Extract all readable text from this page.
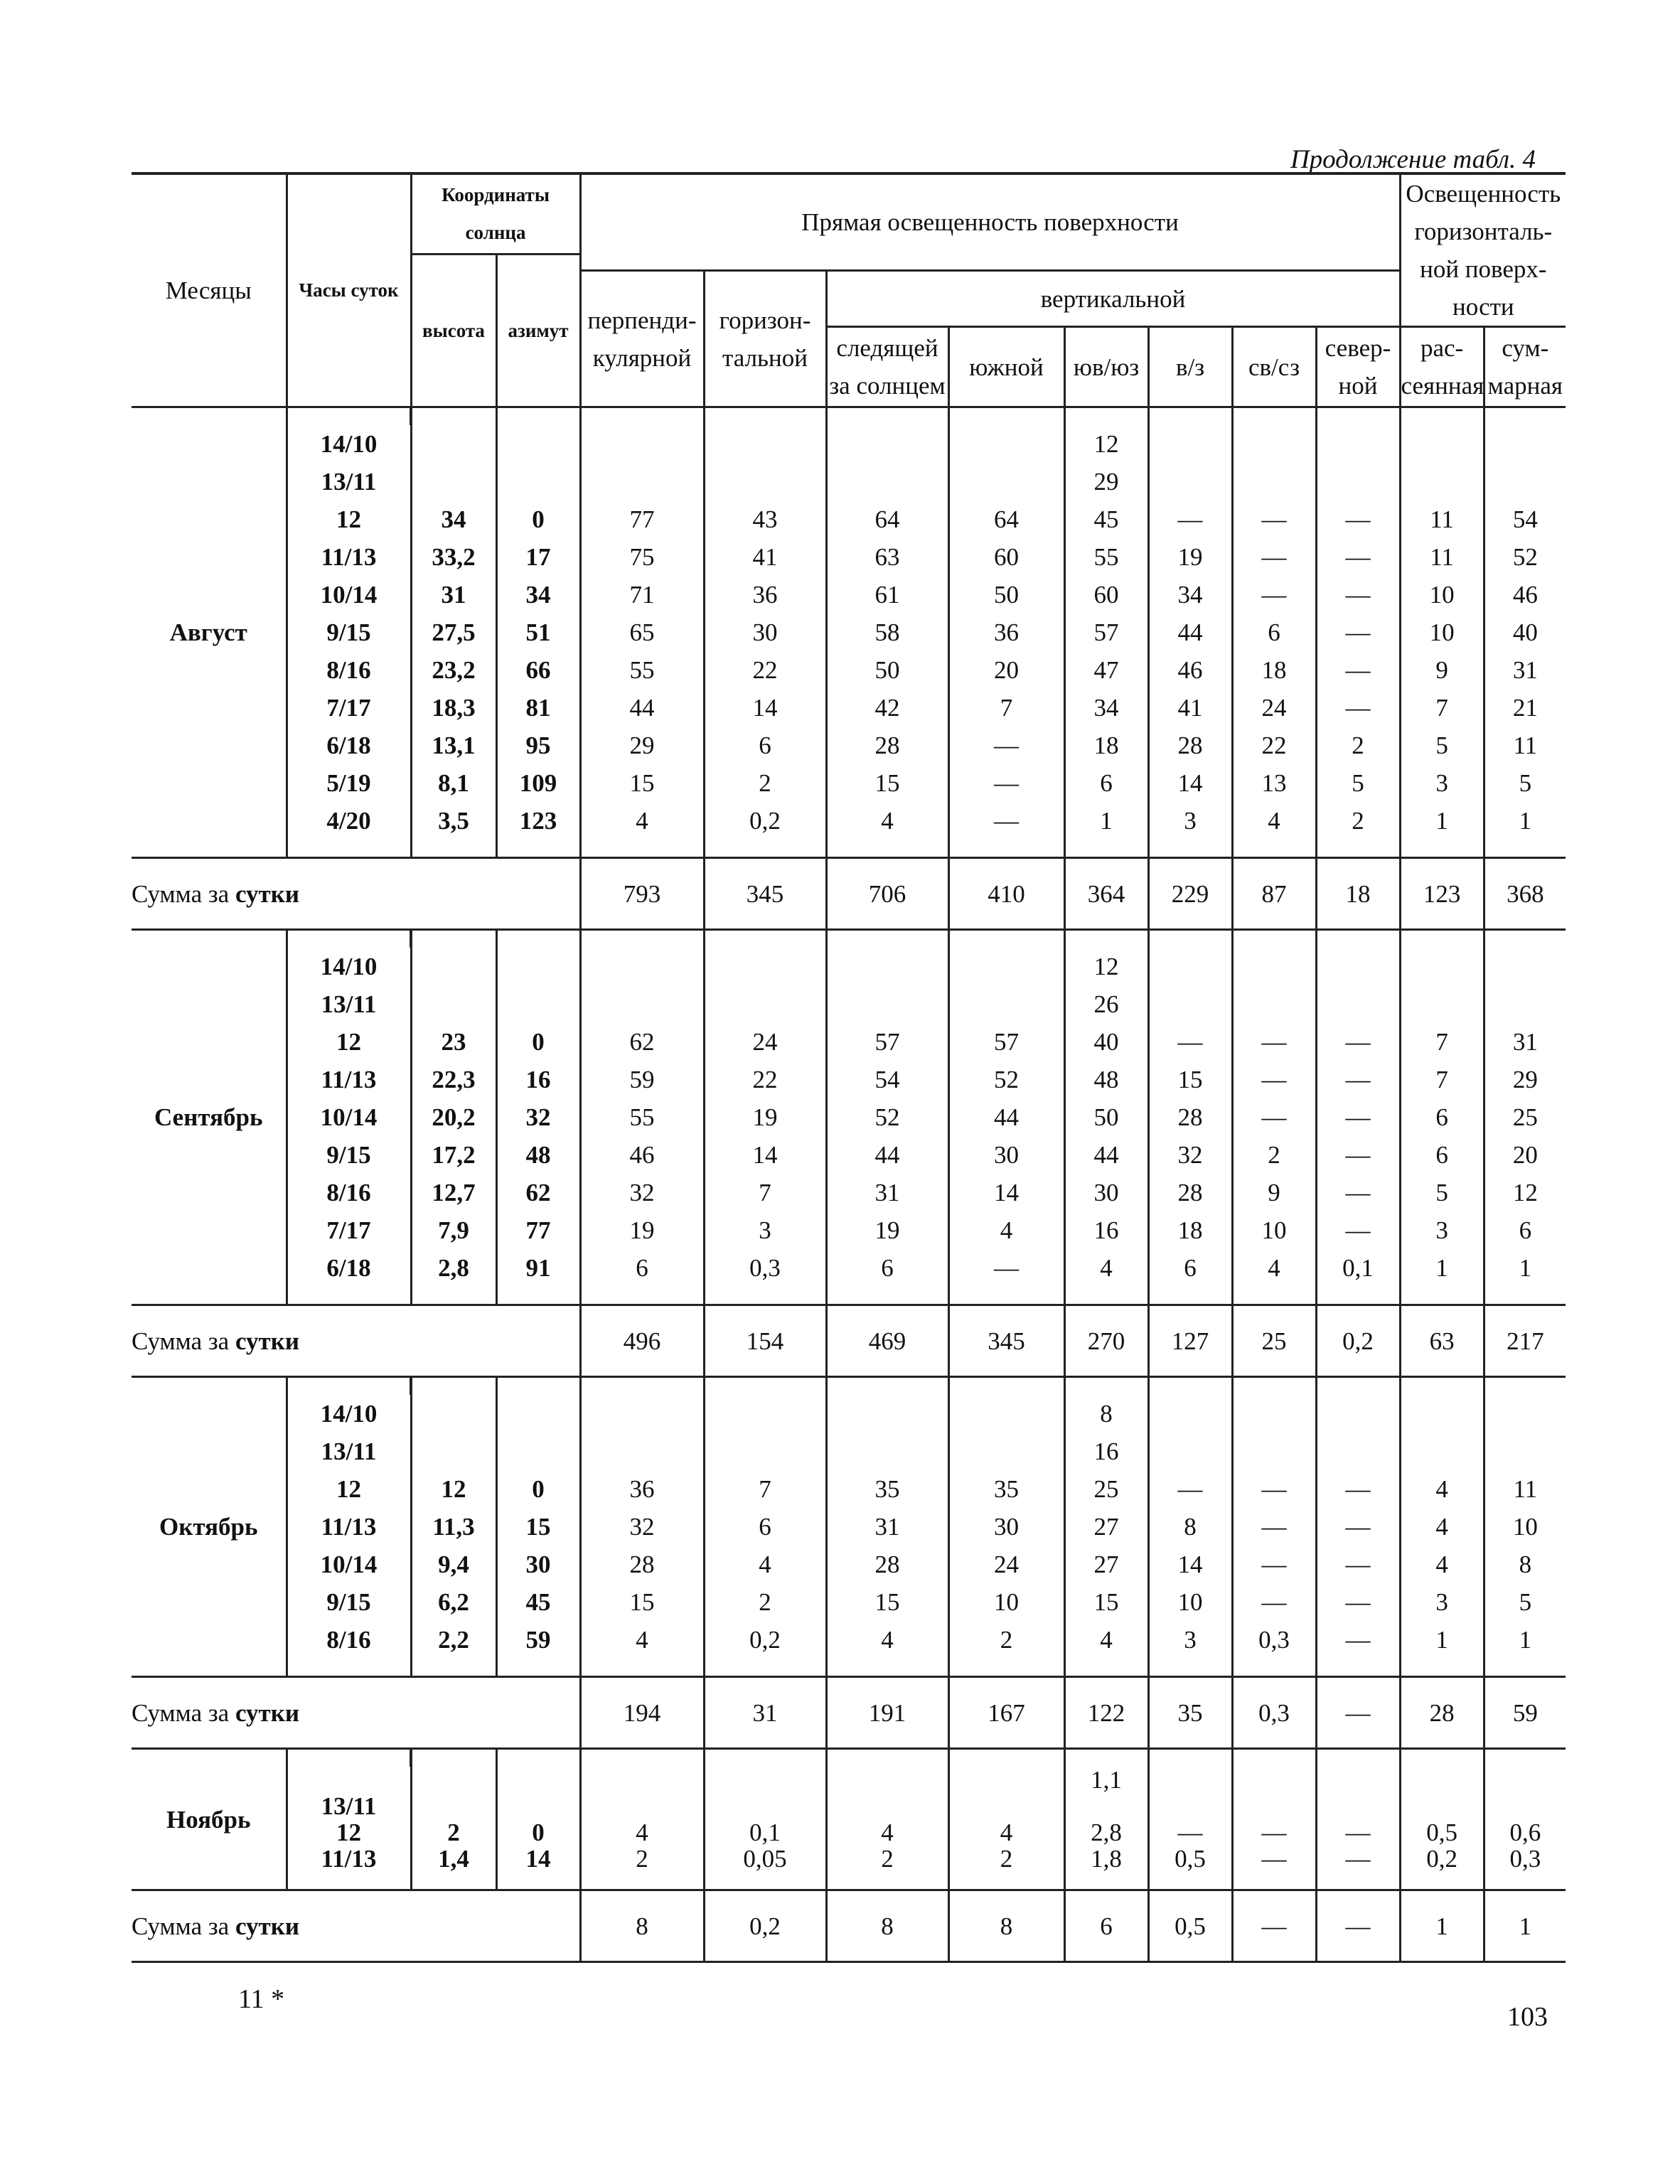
Продолжение табл. 4
Месяцы	Часы суток	Координаты солнца		Прямая освещенность поверхности								Освещенность горизонталь-ной поверх-ности	
		высота	азимут										
				перпенди-кулярной	горизон-тальной	вертикальной							
						следящей за солнцем	южной	юв/юз	в/з	св/сз	север-ной	рас-сеянная	сум-марная

Август	14/10							12					
	13/11							29					
	12	34	0	77	43	64	64	45	—	—	—	11	54
	11/13	33,2	17	75	41	63	60	55	19	—	—	11	52
	10/14	31	34	71	36	61	50	60	34	—	—	10	46
	9/15	27,5	51	65	30	58	36	57	44	6	—	10	40
	8/16	23,2	66	55	22	50	20	47	46	18	—	9	31
	7/17	18,3	81	44	14	42	7	34	41	24	—	7	21
	6/18	13,1	95	29	6	28	—	18	28	22	2	5	11
	5/19	8,1	109	15	2	15	—	6	14	13	5	3	5
	4/20	3,5	123	4	0,2	4	—	1	3	4	2	1	1

Сумма за сутки				793	345	706	410	364	229	87	18	123	368

Сентябрь	14/10							12					
	13/11							26					
	12	23	0	62	24	57	57	40	—	—	—	7	31
	11/13	22,3	16	59	22	54	52	48	15	—	—	7	29
	10/14	20,2	32	55	19	52	44	50	28	—	—	6	25
	9/15	17,2	48	46	14	44	30	44	32	2	—	6	20
	8/16	12,7	62	32	7	31	14	30	28	9	—	5	12
	7/17	7,9	77	19	3	19	4	16	18	10	—	3	6
	6/18	2,8	91	6	0,3	6	—	4	6	4	0,1	1	1

Сумма за сутки				496	154	469	345	270	127	25	0,2	63	217

Октябрь	14/10							8					
	13/11							16					
	12	12	0	36	7	35	35	25	—	—	—	4	11
	11/13	11,3	15	32	6	31	30	27	8	—	—	4	10
	10/14	9,4	30	28	4	28	24	27	14	—	—	4	8
	9/15	6,2	45	15	2	15	10	15	10	—	—	3	5
	8/16	2,2	59	4	0,2	4	2	4	3	0,3	—	1	1

Сумма за сутки				194	31	191	167	122	35	0,3	—	28	59

Ноябрь								1,1					
	13/11												
	12	2	0	4	0,1	4	4	2,8	—	—	—	0,5	0,6
	11/13	1,4	14	2	0,05	2	2	1,8	0,5	—	—	0,2	0,3

Сумма за сутки				8	0,2	8	8	6	0,5	—	—	1	1

11 *
103
